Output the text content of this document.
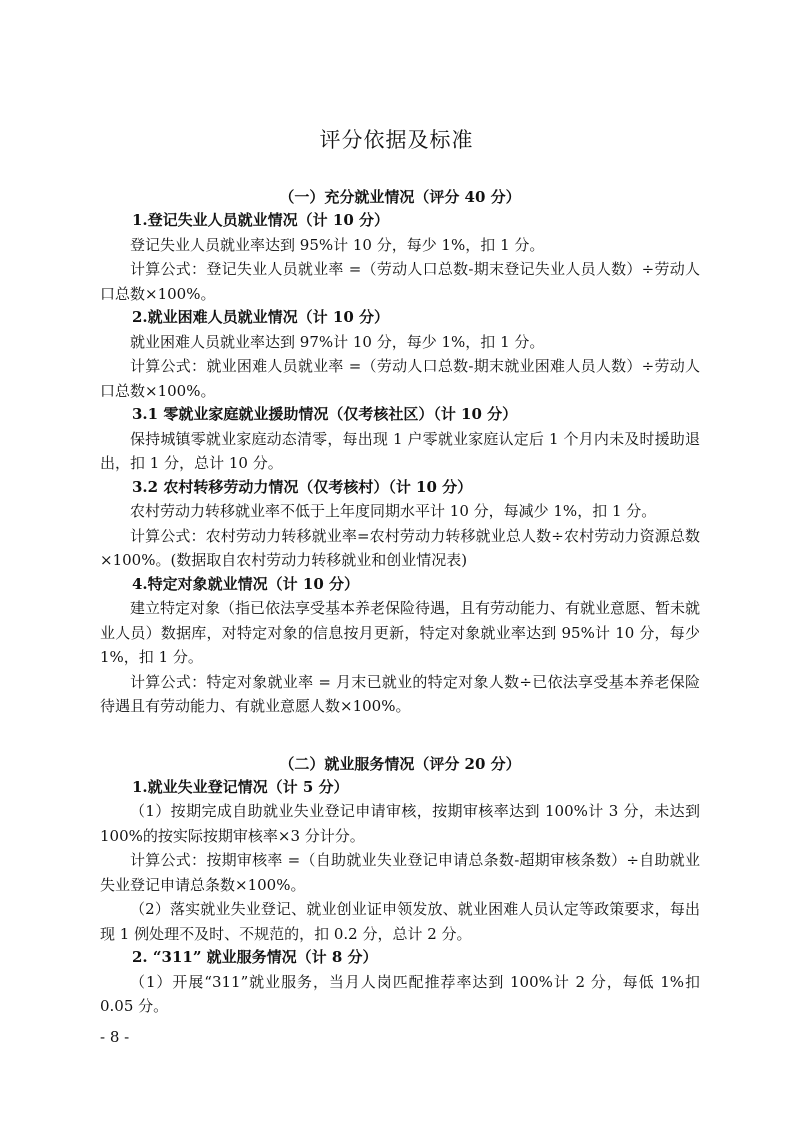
评分依据及标准

（一）充分就业情况（评分 40 分）

1.登记失业人员就业情况（计 10 分）

登记失业人员就业率达到 95%计 10 分，每少 1%，扣 1 分。

计算公式：登记失业人员就业率 =（劳动人口总数-期末登记失业人员人数）÷劳动人口总数×100%。

2.就业困难人员就业情况（计 10 分）

就业困难人员就业率达到 97%计 10 分，每少 1%，扣 1 分。

计算公式：就业困难人员就业率 =（劳动人口总数-期末就业困难人员人数）÷劳动人口总数×100%。

3.1 零就业家庭就业援助情况（仅考核社区）（计 10 分）

保持城镇零就业家庭动态清零，每出现 1 户零就业家庭认定后 1 个月内未及时援助退出，扣 1 分，总计 10 分。

3.2 农村转移劳动力情况（仅考核村）（计 10 分）

农村劳动力转移就业率不低于上年度同期水平计 10 分，每减少 1%，扣 1 分。

计算公式：农村劳动力转移就业率=农村劳动力转移就业总人数÷农村劳动力资源总数×100%。(数据取自农村劳动力转移就业和创业情况表)

4.特定对象就业情况（计 10 分）

建立特定对象（指已依法享受基本养老保险待遇，且有劳动能力、有就业意愿、暂未就业人员）数据库，对特定对象的信息按月更新，特定对象就业率达到 95%计 10 分，每少 1%，扣 1 分。

计算公式：特定对象就业率 = 月末已就业的特定对象人数÷已依法享受基本养老保险待遇且有劳动能力、有就业意愿人数×100%。

（二）就业服务情况（评分 20 分）

1.就业失业登记情况（计 5 分）

（1）按期完成自助就业失业登记申请审核，按期审核率达到 100%计 3 分，未达到 100%的按实际按期审核率×3 分计分。

计算公式：按期审核率 =（自助就业失业登记申请总条数-超期审核条数）÷自助就业失业登记申请总条数×100%。

（2）落实就业失业登记、就业创业证申领发放、就业困难人员认定等政策要求，每出现 1 例处理不及时、不规范的，扣 0.2 分，总计 2 分。

2. “311” 就业服务情况（计 8 分）

（1）开展“311”就业服务，当月人岗匹配推荐率达到 100%计 2 分，每低 1%扣 0.05 分。

- 8 -
